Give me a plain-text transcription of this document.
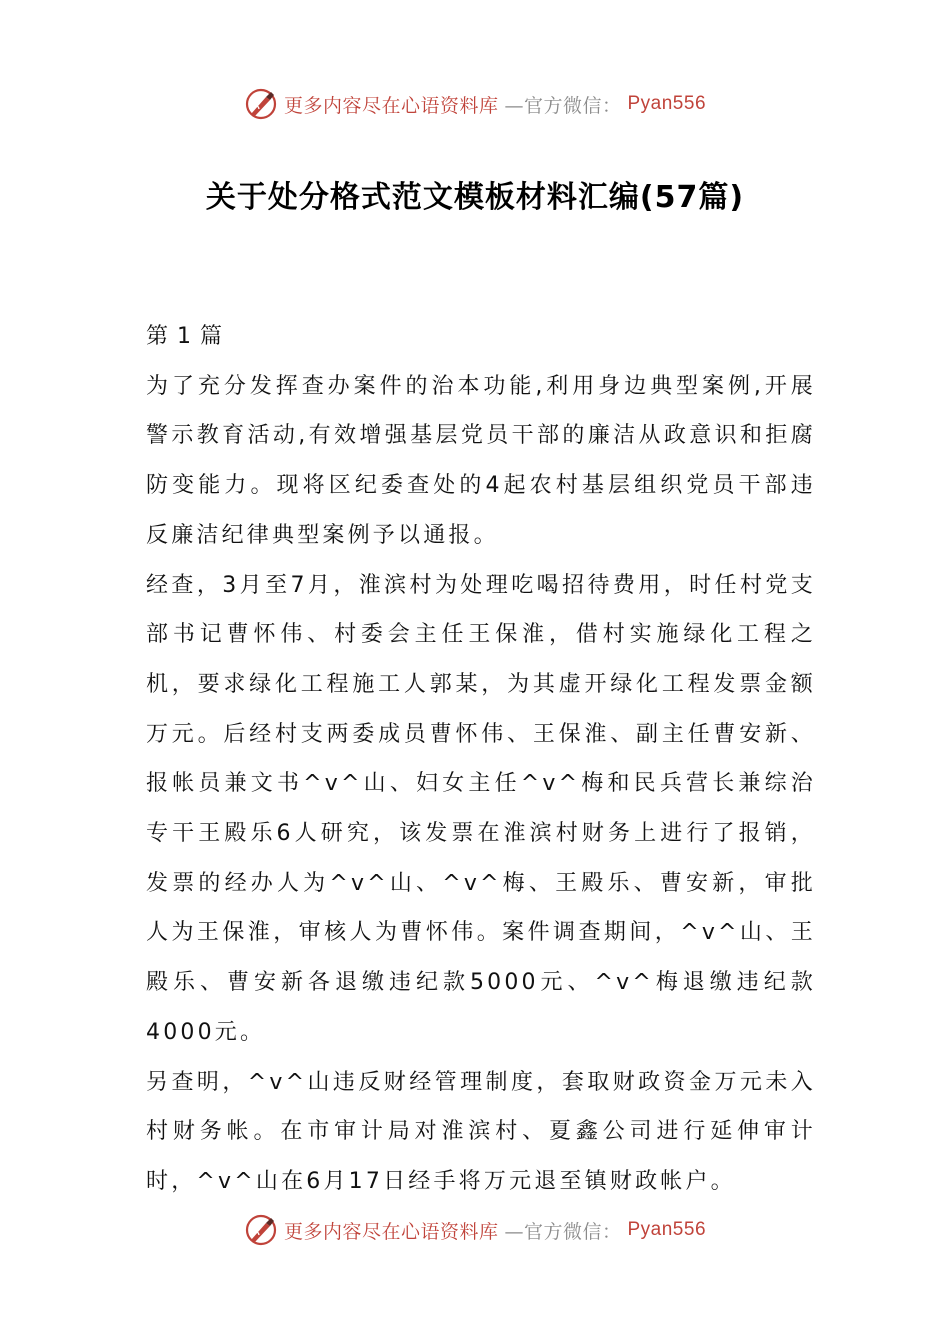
更多内容尽在心语资料库 —官方微信： Pyan556
关于处分格式范文模板材料汇编(57篇)

第 1 篇

为了充分发挥查办案件的治本功能,利用身边典型案例,开展警示教育活动,有效增强基层党员干部的廉洁从政意识和拒腐防变能力。现将区纪委查处的4起农村基层组织党员干部违反廉洁纪律典型案例予以通报。

经查，3月至7月，淮滨村为处理吃喝招待费用，时任村党支部书记曹怀伟、村委会主任王保淮，借村实施绿化工程之机，要求绿化工程施工人郭某，为其虚开绿化工程发票金额万元。后经村支两委成员曹怀伟、王保淮、副主任曹安新、报帐员兼文书^v^山、妇女主任^v^梅和民兵营长兼综治专干王殿乐6人研究，该发票在淮滨村财务上进行了报销，发票的经办人为^v^山、^v^梅、王殿乐、曹安新，审批人为王保淮，审核人为曹怀伟。案件调查期间，^v^山、王殿乐、曹安新各退缴违纪款5000元、^v^梅退缴违纪款4000元。

另查明，^v^山违反财经管理制度，套取财政资金万元未入村财务帐。在市审计局对淮滨村、夏鑫公司进行延伸审计时，^v^山在6月17日经手将万元退至镇财政帐户。

更多内容尽在心语资料库 —官方微信： Pyan556
